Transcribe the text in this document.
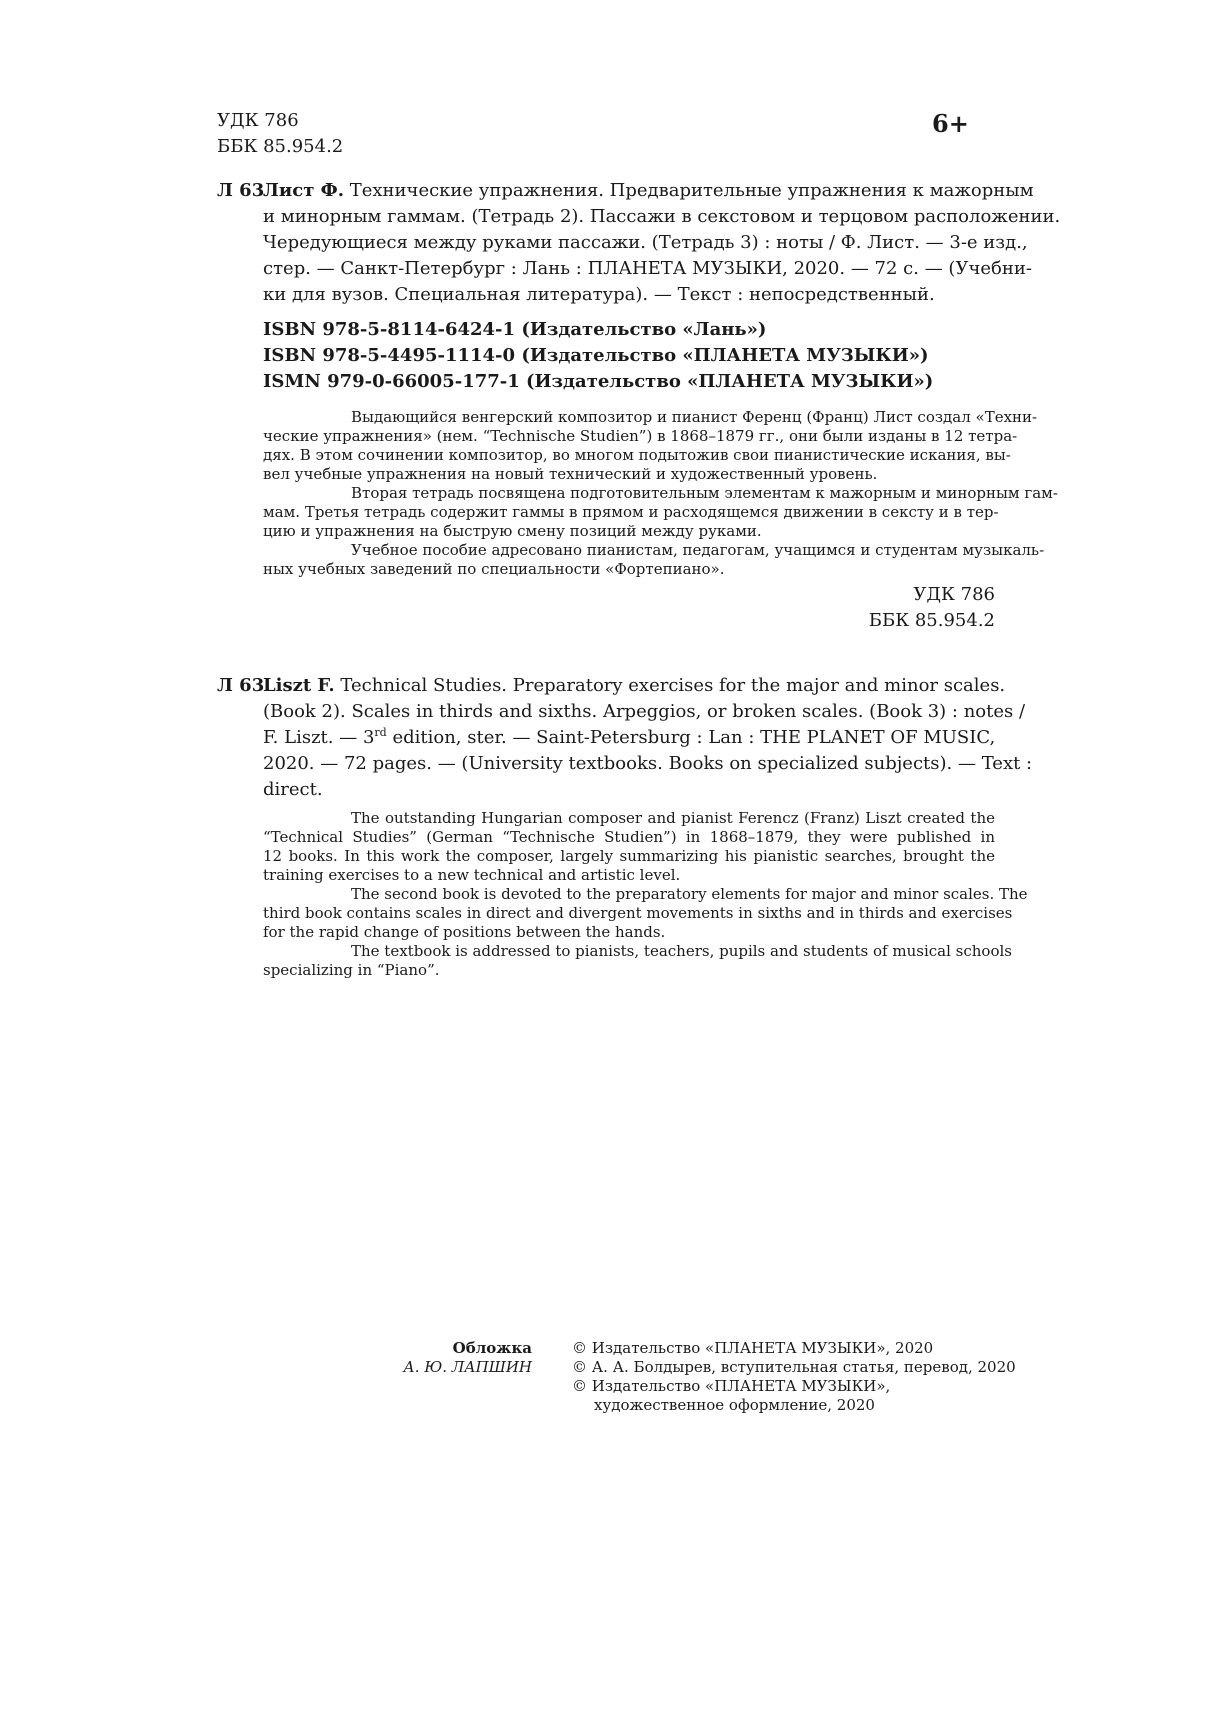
УДК 786
ББК 85.954.2
6+
Л 63
Лист Ф. Технические упражнения. Предварительные упражнения к мажорным
и минорным гаммам. (Тетрадь 2). Пассажи в секстовом и терцовом расположении.
Чередующиеся между руками пассажи. (Тетрадь 3) : ноты / Ф. Лист. — 3-е изд.,
стер. — Санкт-Петербург : Лань : ПЛАНЕТА МУЗЫКИ, 2020. — 72 с. — (Учебни-
ки для вузов. Специальная литература). — Текст : непосредственный.
ISBN 978-5-8114-6424-1 (Издательство «Лань»)
ISBN 978-5-4495-1114-0 (Издательство «ПЛАНЕТА МУЗЫКИ»)
ISMN 979-0-66005-177-1 (Издательство «ПЛАНЕТА МУЗЫКИ»)
Выдающийся венгерский композитор и пианист Ференц (Франц) Лист создал «Техни-
ческие упражнения» (нем. “Technische Studien”) в 1868–1879 гг., они были изданы в 12 тетра-
дях. В этом сочинении композитор, во многом подытожив свои пианистические искания, вы-
вел учебные упражнения на новый технический и художественный уровень.
Вторая тетрадь посвящена подготовительным элементам к мажорным и минорным гам-
мам. Третья тетрадь содержит гаммы в прямом и расходящемся движении в сексту и в тер-
цию и упражнения на быструю смену позиций между руками.
Учебное пособие адресовано пианистам, педагогам, учащимся и студентам музыкаль-
ных учебных заведений по специальности «Фортепиано».
УДК 786
ББК 85.954.2
Л 63
Liszt F. Technical Studies. Preparatory exercises for the major and minor scales.
(Book 2). Scales in thirds and sixths. Arpeggios, or broken scales. (Book 3) : notes /
F. Liszt. — 3rd edition, ster. — Saint-Petersburg : Lan : THE PLANET OF MUSIC,
2020. — 72 pages. — (University textbooks. Books on specialized subjects). — Text :
direct.
The outstanding Hungarian composer and pianist Ferencz (Franz) Liszt created the
“Technical Studies” (German “Technische Studien”) in 1868–1879, they were published in
12 books. In this work the composer, largely summarizing his pianistic searches, brought the
training exercises to a new technical and artistic level.
The second book is devoted to the preparatory elements for major and minor scales. The
third book contains scales in direct and divergent movements in sixths and in thirds and exercises
for the rapid change of positions between the hands.
The textbook is addressed to pianists, teachers, pupils and students of musical schools
specializing in “Piano”.
Обложка
А. Ю. ЛАПШИН
© Издательство «ПЛАНЕТА МУЗЫКИ», 2020
© А. А. Болдырев, вступительная статья, перевод, 2020
© Издательство «ПЛАНЕТА МУЗЫКИ»,
художественное оформление, 2020
